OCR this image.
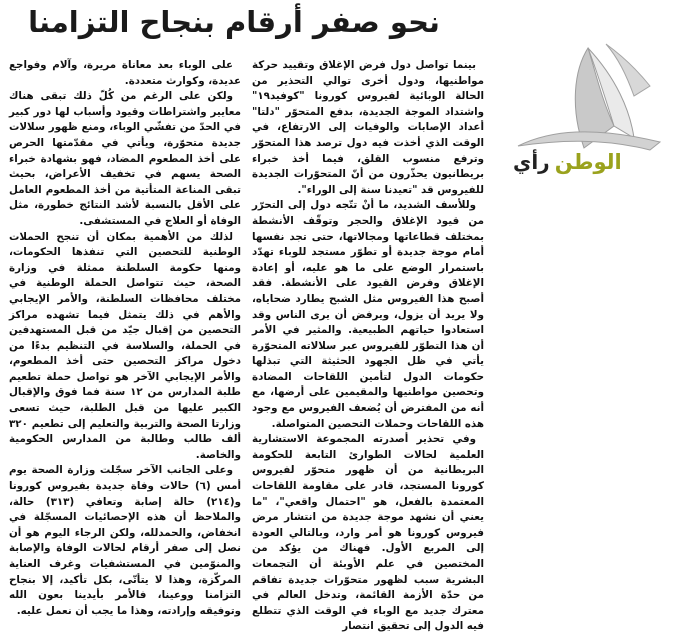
نحو صفر أرقام بنجاح التزامنا
الوطن رأي

بينما تواصل دول فرض الإغلاق وتقييد حركة مواطنيها، ودول أخرى توالي التحذير من الحالة الوبائية لفيروس كورونا "كوفيد١٩" واشتداد الموجة الجديدة، بدفع المتحوّر "دلتا" أعداد الإصابات والوفيات إلى الارتفاع، في الوقت الذي أخذت فيه دول ترصد هذا المتحوّر وترفع منسوب القلق، فيما أخذ خبراء بريطانيون يحذّرون من أنّ المتحوّرات الجديدة للفيروس قد "تعيدنا سنة إلى الوراء".

وللأسف الشديد، ما أنْ تتّجه دول إلى التحرّر من قيود الإغلاق والحجر وتوقّف الأنشطة بمختلف قطاعاتها ومجالاتها، حتى تجد نفسها أمام موجة جديدة أو تطوّر مستجد للوباء تهدّد باستمرار الوضع على ما هو عليه، أو إعادة الإغلاق وفرض القيود على الأنشطة. فقد أصبح هذا الفيروس مثل الشبح يطارد ضحاياه، ولا يريد أن يزول، ويرفض أن يرى الناس وقد استعادوا حياتهم الطبيعية. والمثير في الأمر أن هذا التطوّر للفيروس عبر سلالاته المتحوّرة يأتي في ظل الجهود الحثيثة التي تبذلها حكومات الدول لتأمين اللقاحات المضادة وتحصين مواطنيها والمقيمين على أرضها، مع أنه من المفترض أن يُضعف الفيروس مع وجود هذه اللقاحات وحملات التحصين المتواصلة.

وفي تحذير أصدرته المجموعة الاستشارية العلمية لحالات الطوارئ التابعة للحكومة البريطانية من أن ظهور متحوّر لفيروس كورونا المستجد، قادر على مقاومة اللقاحات المعتمدة بالفعل، هو "احتمال واقعي"، "ما يعني أن نشهد موجة جديدة من انتشار مرض فيروس كورونا هو أمر وارد، وبالتالي العودة إلى المربع الأول. فهناك من يؤكد من المختصين في علم الأوبئة أن التجمعات البشرية سبب لظهور متحوّرات جديدة تفاقم من حدّة الأزمة القائمة، وتدخل العالم في معترك جديد مع الوباء في الوقت الذي تتطلع فيه الدول إلى تحقيق انتصار

على الوباء بعد معاناة مريرة، وآلام وفواجع عديدة، وكوارث متعددة.

ولكن على الرغم من كُلّ ذلك تبقى هناك معايير واشتراطات وقيود وأسباب لها دور كبير في الحدّ من تفشّي الوباء، ومنع ظهور سلالات جديدة متحوّرة، ويأتي في مقدّمتها الحرص على أخذ المطعوم المضاد، فهو بشهادة خبراء الصحة يسهم في تخفيف الأعراض، بحيث تبقى المناعة المتأتية من أخذ المطعوم العامل على الأقل بالنسبة لأشد النتائج خطورة، مثل الوفاة أو العلاج في المستشفى.

لذلك من الأهمية بمكان أن تنجح الحملات الوطنية للتحصين التي تنفذها الحكومات، ومنها حكومة السلطنة ممثلة في وزارة الصحة، حيث تتواصل الحملة الوطنية في مختلف محافظات السلطنة، والأمر الإيجابي والأهم في ذلك يتمثل فيما تشهده مراكز التحصين من إقبال جيّد من قبل المستهدفين في الحملة، والسلاسة في التنظيم بدءًا من دخول مراكز التحصين حتى أخذ المطعوم، والأمر الإيجابي الآخر هو تواصل حملة تطعيم طلبة المدارس من ١٢ سنة فما فوق والإقبال الكبير عليها من قبل الطلبة، حيث تسعى وزارتا الصحة والتربية والتعليم إلى تطعيم ٣٢٠ ألف طالب وطالبة من المدارس الحكومية والخاصة.

وعلى الجانب الآخر سجّلت وزارة الصحة يوم أمس (٦) حالات وفاة جديدة بفيروس كورونا و(٢١٤) حالة إصابة وتعافي (٣١٣) حالة، والملاحظ أن هذه الإحصائيات المسجّلة في انخفاض، والحمدلله، ولكن الرجاء اليوم هو أن نصل إلى صفر أرقام لحالات الوفاة والإصابة والمنوّمين في المستشفيات وغرف العناية المركّزة، وهذا لا يتأتّى، بكل تأكيد، إلا بنجاح التزامنا ووعينا، فالأمر بأيدينا بعون الله وتوفيقه وإرادته، وهذا ما يجب أن نعمل عليه.
